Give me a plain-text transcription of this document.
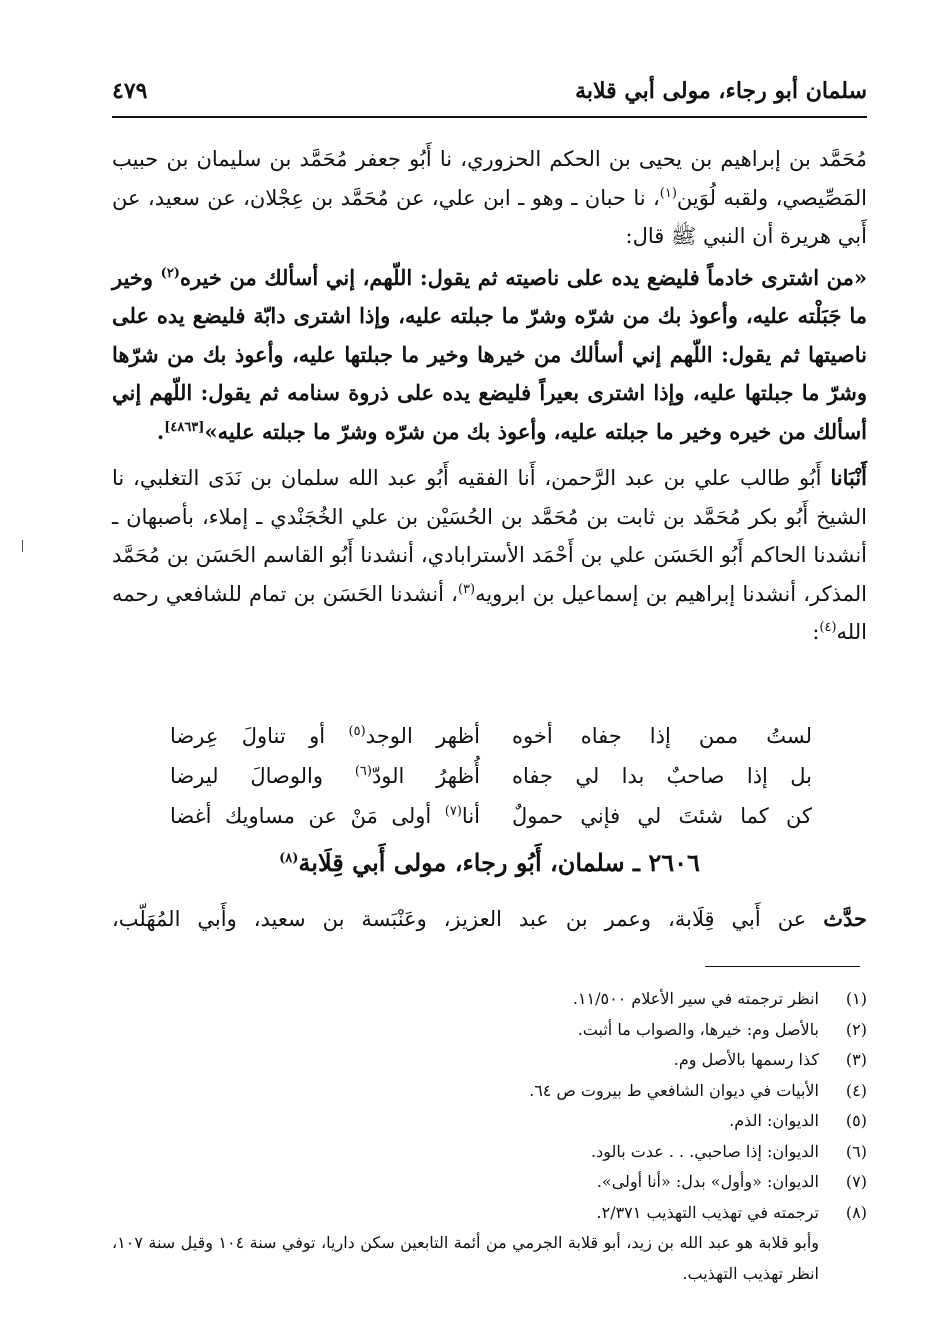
سلمان أبو رجاء، مولى أبي قلابة
٤٧٩

مُحَمَّد بن إبراهيم بن يحيى بن الحكم الحزوري، نا أَبُو جعفر مُحَمَّد بن سليمان بن حبيب المَصِّيصي، ولقبه لُوَين$^{(١)}$، نا حبان ـ وهو ـ ابن علي، عن مُحَمَّد بن عِجْلان، عن سعيد، عن أَبي هريرة أن النبي ﷺ قال:

«من اشترى خادماً فليضع يده على ناصيته ثم يقول: اللّهم، إني أسألك من خيره$^{(٢)}$ وخير ما جَبَلْته عليه، وأعوذ بك من شرّه وشرّ ما جبلته عليه، وإذا اشترى دابّة فليضع يده على ناصيتها ثم يقول: اللّهم إني أسألك من خيرها وخير ما جبلتها عليه، وأعوذ بك من شرّها وشرّ ما جبلتها عليه، وإذا اشترى بعيراً فليضع يده على ذروة سنامه ثم يقول: اللّهم إني أسألك من خيره وخير ما جبلته عليه، وأعوذ بك من شرّه وشرّ ما جبلته عليه»[٤٨٦٣].

أَنْبَانا أَبُو طالب علي بن عبد الرَّحمن، أَنا الفقيه أَبُو عبد الله سلمان بن نَدَى التغلبي، نا الشيخ أَبُو بكر مُحَمَّد بن ثابت بن مُحَمَّد بن الحُسَيْن بن علي الخُجَنْدي ـ إملاء، بأصبهان ـ أنشدنا الحاكم أَبُو الحَسَن علي بن أَحْمَد الأسترابادي، أنشدنا أَبُو القاسم الحَسَن بن مُحَمَّد المذكر، أنشدنا إبراهيم بن إسماعيل بن ابرويه$^{(٣)}$، أنشدنا الحَسَن بن تمام للشافعي رحمه الله$^{(٤)}$:

لستُ ممن إذا جفاه أخوه
أظهر الوجد$^{(٥)}$ أو تناولَ عِرضا
بل إذا صاحبٌ بدا لي جفاه
أُظهرُ الودّ$^{(٦)}$ والوصالَ ليرضا
كن كما شئتَ لي فإني حمولٌ
أنا$^{(٧)}$ أولى مَنْ عن مساويك أغضا
٢٦٠٦ ـ سلمان، أَبُو رجاء، مولى أَبي قِلَابة$^{(٨)}$
حدَّث عن أَبي قِلَابة، وعمر بن عبد العزيز، وعَنْبَسة بن سعيد، وأَبي المُهَلّب،
(١)
انظر ترجمته في سير الأعلام ١١/٥٠٠.
(٢)
بالأصل وم: خيرها، والصواب ما أثبت.
(٣)
كذا رسمها بالأصل وم.
(٤)
الأبيات في ديوان الشافعي ط بيروت ص ٦٤.
(٥)
الديوان: الذم.
(٦)
الديوان: إذا صاحبي. . . عدت بالود.
(٧)
الديوان: «وأول» بدل: «أنا أولى».
(٨)
ترجمته في تهذيب التهذيب ٢/٣٧١.
وأبو قلابة هو عبد الله بن زيد، أبو قلابة الجرمي من أئمة التابعين سكن داريا، توفي سنة ١٠٤ وقيل سنة ١٠٧، انظر تهذيب التهذيب.
